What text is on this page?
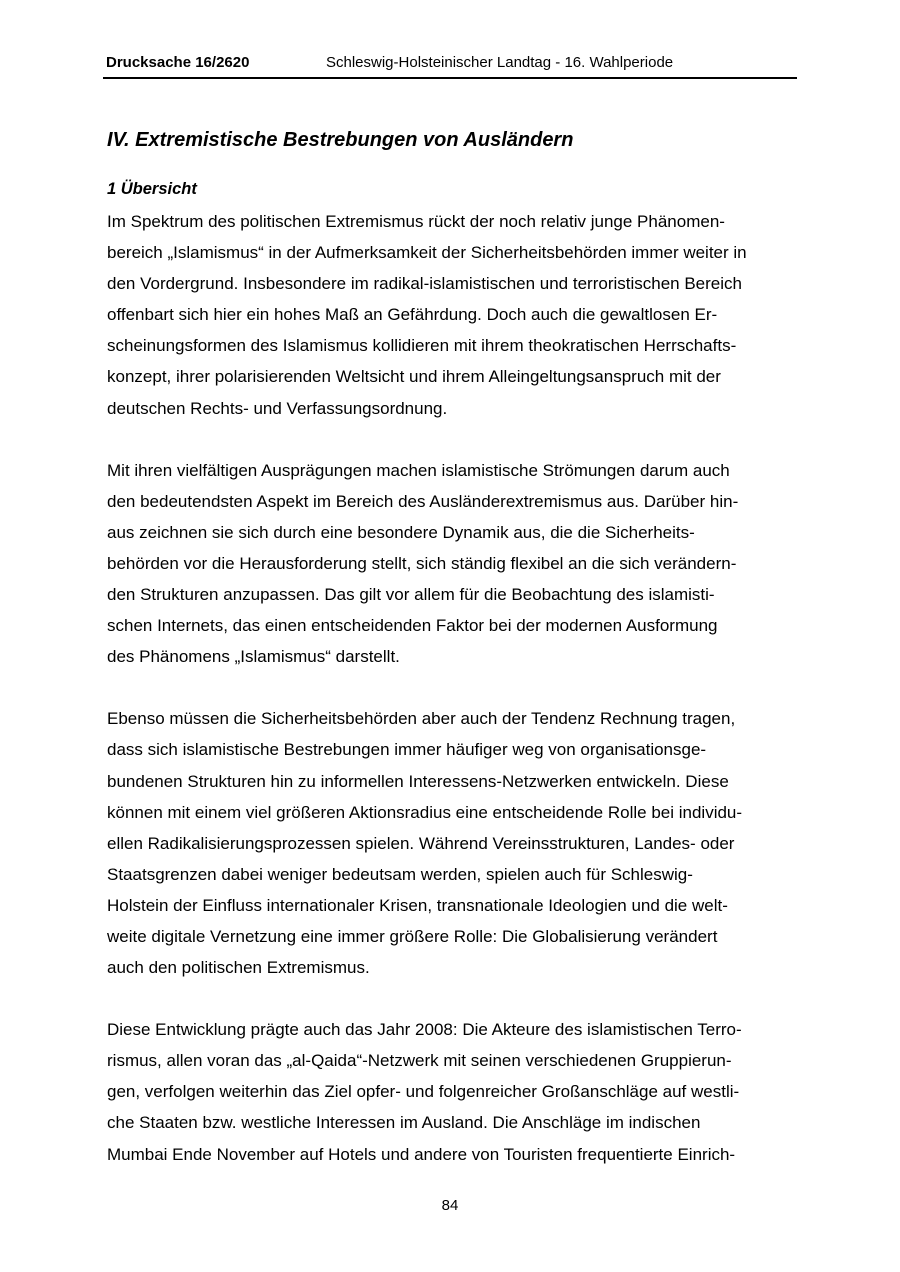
Drucksache 16/2620	Schleswig-Holsteinischer Landtag - 16. Wahlperiode
IV. Extremistische Bestrebungen von Ausländern
1 Übersicht

Im Spektrum des politischen Extremismus rückt der noch relativ junge Phänomen-
bereich „Islamismus“ in der Aufmerksamkeit der Sicherheitsbehörden immer weiter in
den Vordergrund. Insbesondere im radikal-islamistischen und terroristischen Bereich
offenbart sich hier ein hohes Maß an Gefährdung. Doch auch die gewaltlosen Er-
scheinungsformen des Islamismus kollidieren mit ihrem theokratischen Herrschafts-
konzept, ihrer polarisierenden Weltsicht und ihrem Alleingeltungsanspruch mit der
deutschen Rechts- und Verfassungsordnung.

Mit ihren vielfältigen Ausprägungen machen islamistische Strömungen darum auch
den bedeutendsten Aspekt im Bereich des Ausländerextremismus aus. Darüber hin-
aus zeichnen sie sich durch eine besondere Dynamik aus, die die Sicherheits-
behörden vor die Herausforderung stellt, sich ständig flexibel an die sich verändern-
den Strukturen anzupassen. Das gilt vor allem für die Beobachtung des islamisti-
schen Internets, das einen entscheidenden Faktor bei der modernen Ausformung
des Phänomens „Islamismus“ darstellt.

Ebenso müssen die Sicherheitsbehörden aber auch der Tendenz Rechnung tragen,
dass sich islamistische Bestrebungen immer häufiger weg von organisationsge-
bundenen Strukturen hin zu informellen Interessens-Netzwerken entwickeln. Diese
können mit einem viel größeren Aktionsradius eine entscheidende Rolle bei individu-
ellen Radikalisierungsprozessen spielen. Während Vereinsstrukturen, Landes- oder
Staatsgrenzen dabei weniger bedeutsam werden, spielen auch für Schleswig-
Holstein der Einfluss internationaler Krisen, transnationale Ideologien und die welt-
weite digitale Vernetzung eine immer größere Rolle: Die Globalisierung verändert
auch den politischen Extremismus.

Diese Entwicklung prägte auch das Jahr 2008: Die Akteure des islamistischen Terro-
rismus, allen voran das „al-Qaida“-Netzwerk mit seinen verschiedenen Gruppierun-
gen, verfolgen weiterhin das Ziel opfer- und folgenreicher Großanschläge auf westli-
che Staaten bzw. westliche Interessen im Ausland. Die Anschläge im indischen
Mumbai Ende November auf Hotels und andere von Touristen frequentierte Einrich-

84
